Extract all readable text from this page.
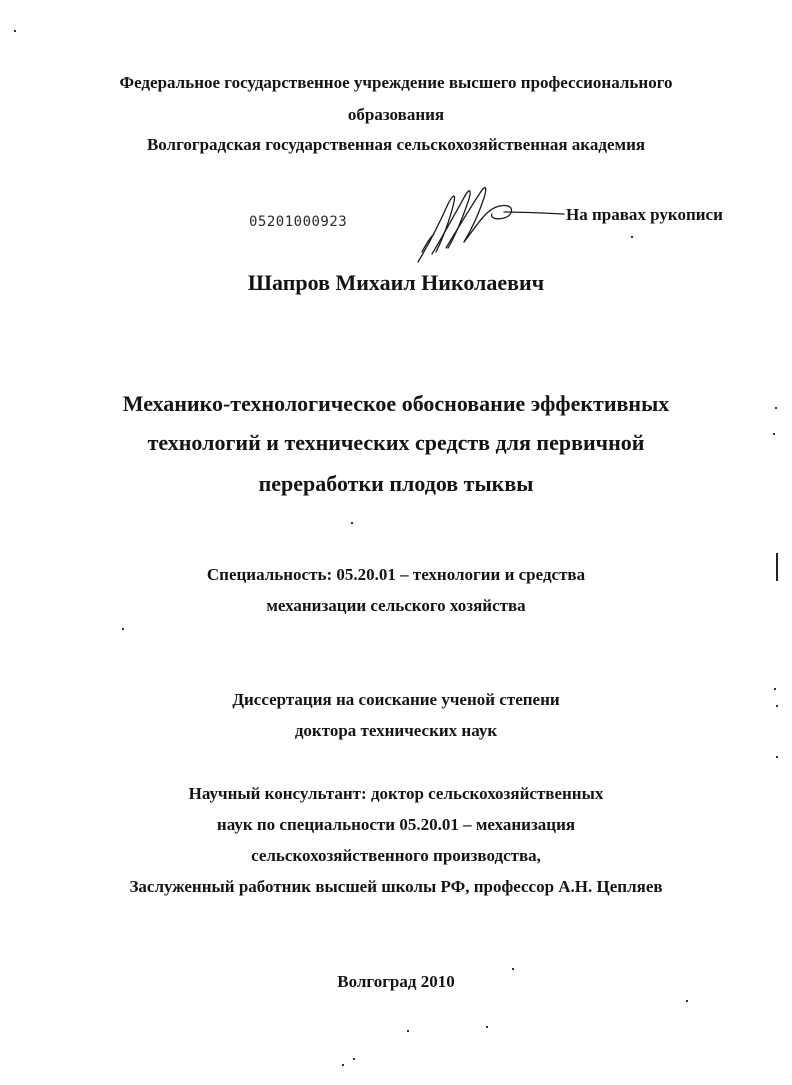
Федеральное государственное учреждение высшего профессионального
образования
Волгоградская государственная сельскохозяйственная академия
05201000923	На правах рукописи
Шапров Михаил Николаевич
Механико-технологическое обоснование эффективных
технологий и технических средств для первичной
переработки плодов тыквы
Специальность: 05.20.01 – технологии и средства
механизации сельского хозяйства
Диссертация на соискание ученой степени
доктора технических наук
Научный консультант: доктор сельскохозяйственных
наук по специальности 05.20.01 – механизация
сельскохозяйственного производства,
Заслуженный работник высшей школы РФ, профессор А.Н. Цепляев
Волгоград 2010
